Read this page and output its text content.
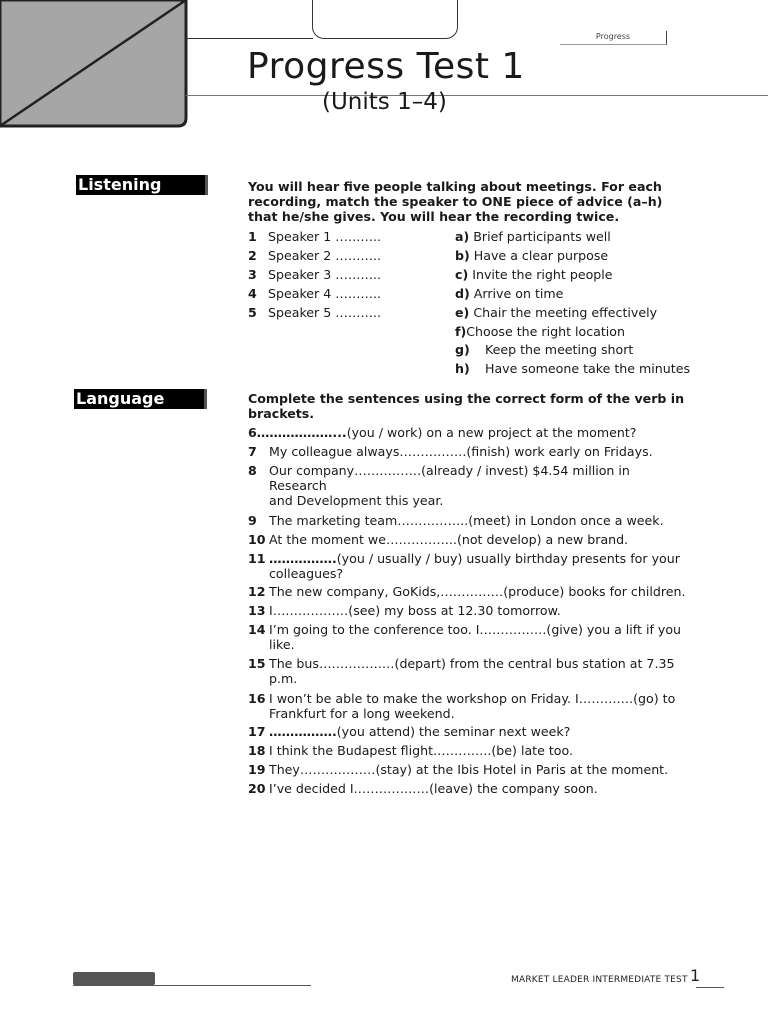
Progress
Progress Test 1
(Units 1–4)
Listening	You will hear five people talking about meetings. For each recording, match the speaker to ONE piece of advice (a–h) that he/she gives. You will hear the recording twice.
1 Speaker 1 ………..
2 Speaker 2 ………..
3 Speaker 3 ………..
4 Speaker 4 ………..
5 Speaker 5 ………..
a) Brief participants well
b) Have a clear purpose
c) Invite the right people
d) Arrive on time
e) Chair the meeting effectively
f)Choose the right location
g) Keep the meeting short
h) Have someone take the minutes
Language	Complete the sentences using the correct form of the verb in brackets.
6………………...(you / work) on a new project at the moment?
7 My colleague always…………….(finish) work early on Fridays.
8 Our company…………….(already / invest) $4.54 million in Research
and Development this year.
9 The marketing team……………..(meet) in London once a week.
10 At the moment we……………..(not develop) a new brand.
11 …………….(you / usually / buy) usually birthday presents for your colleagues?
12 The new company, GoKids,……………(produce) books for children.
13 I………………(see) my boss at 12.30 tomorrow.
14 I’m going to the conference too. I…………….(give) you a lift if you like.
15 The bus………………(depart) from the central bus station at 7.35 p.m.
16 I won’t be able to make the workshop on Friday. I………….(go) to Frankfurt for a long weekend.
17 …………….(you attend) the seminar next week?
18 I think the Budapest flight…………..(be) late too.
19 They………………(stay) at the Ibis Hotel in Paris at the moment.
20 I’ve decided I………………(leave) the company soon.
MARKET LEADER INTERMEDIATE TEST 1
